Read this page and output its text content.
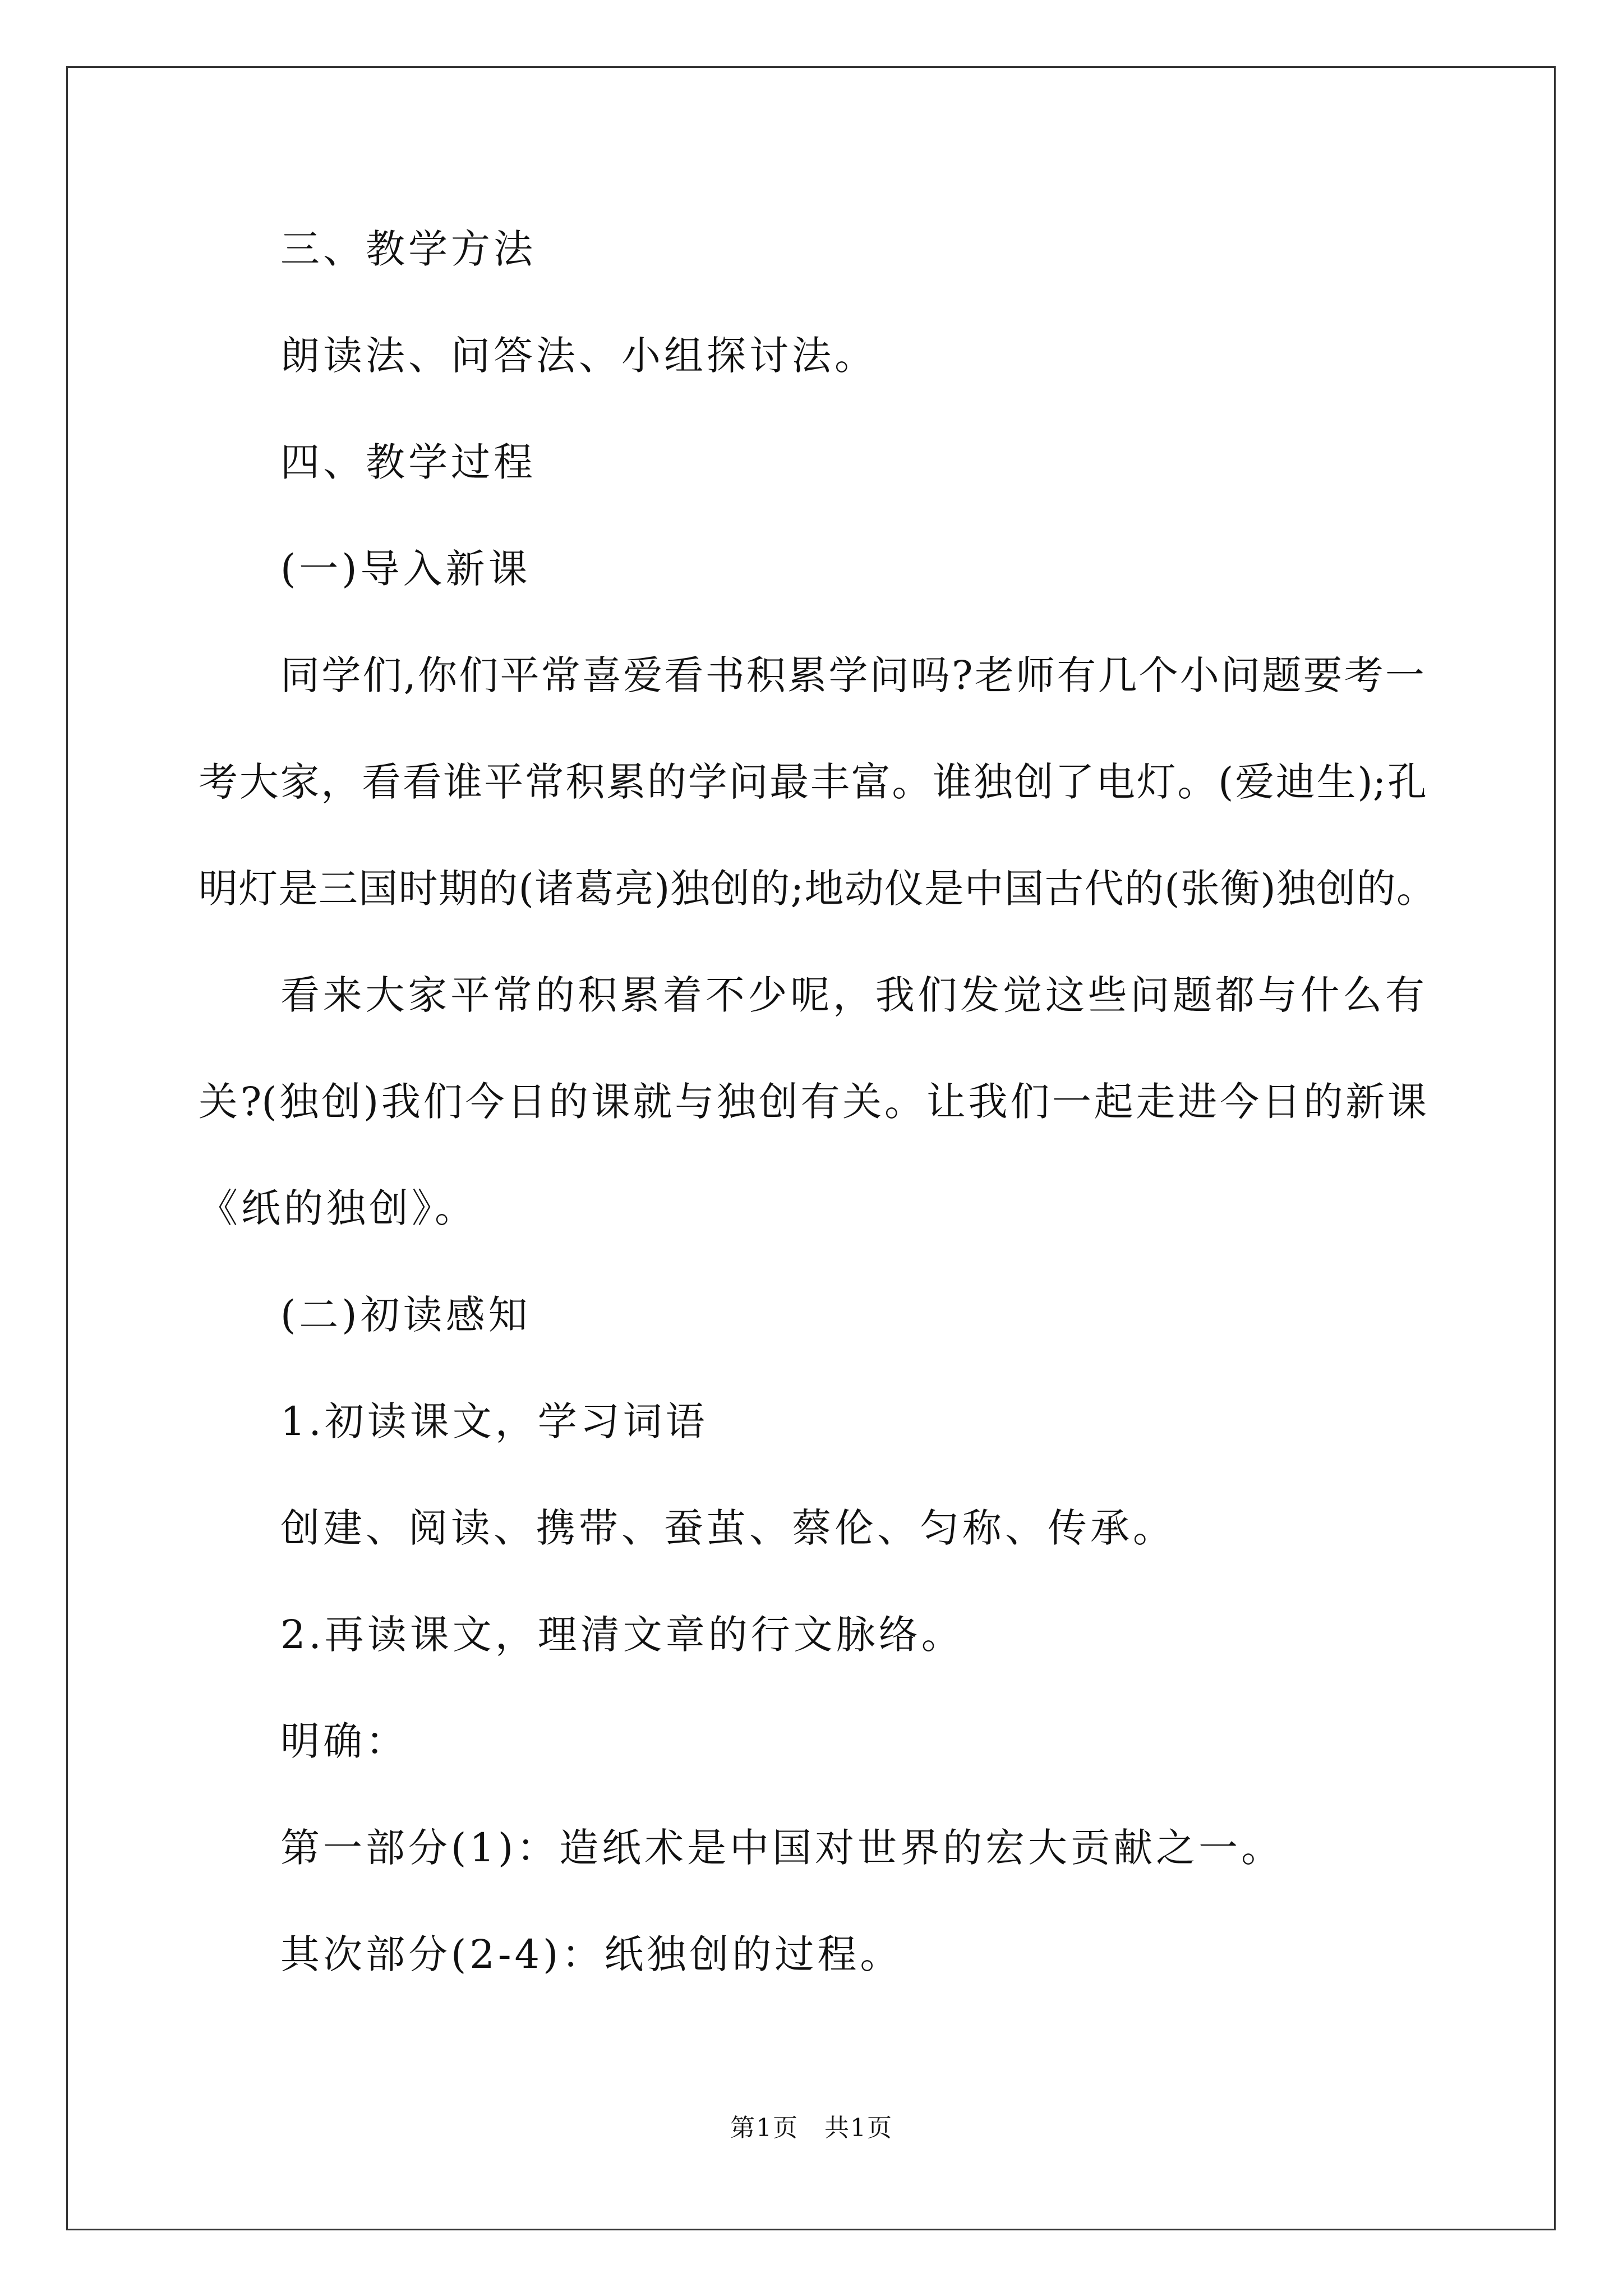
三、教学方法
朗读法、问答法、小组探讨法。
四、教学过程
(一)导入新课
同学们,你们平常喜爱看书积累学问吗?老师有几个小问题要考一
考大家，看看谁平常积累的学问最丰富。谁独创了电灯。(爱迪生);孔
明灯是三国时期的(诸葛亮)独创的;地动仪是中国古代的(张衡)独创的。
看来大家平常的积累着不少呢，我们发觉这些问题都与什么有
关?(独创)我们今日的课就与独创有关。让我们一起走进今日的新课
《纸的独创》。
(二)初读感知
1.初读课文，学习词语
创建、阅读、携带、蚕茧、蔡伦、匀称、传承。
2.再读课文，理清文章的行文脉络。
明确：
第一部分(1)：造纸术是中国对世界的宏大贡献之一。
其次部分(2-4)：纸独创的过程。
第1页　共1页
